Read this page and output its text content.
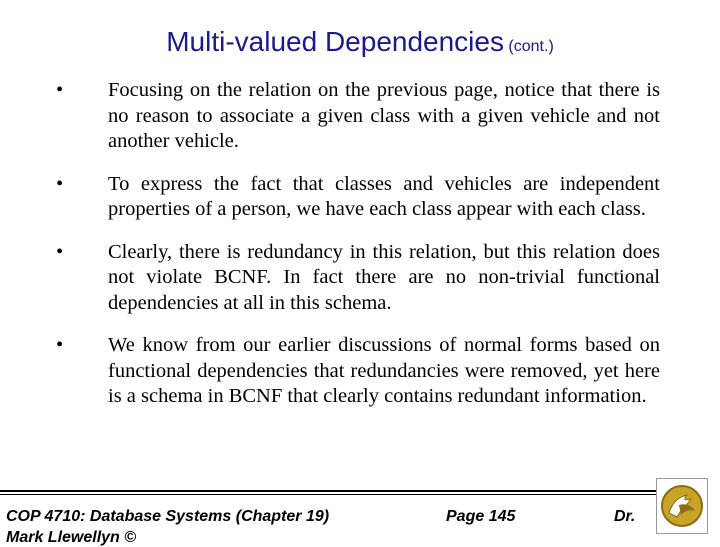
Multi-valued Dependencies (cont.)
•	Focusing on the relation on the previous page, notice that there is no reason to associate a given class with a given vehicle and not another vehicle.
•	To express the fact that classes and vehicles are independent properties of a person, we have each class appear with each class.
•	Clearly, there is redundancy in this relation, but this relation does not violate BCNF. In fact there are no non-trivial functional dependencies at all in this schema.
•	We know from our earlier discussions of normal forms based on functional dependencies that redundancies were removed, yet here is a schema in BCNF that clearly contains redundant information.
COP 4710: Database Systems (Chapter 19)	Page 145	Dr.
Mark Llewellyn ©
